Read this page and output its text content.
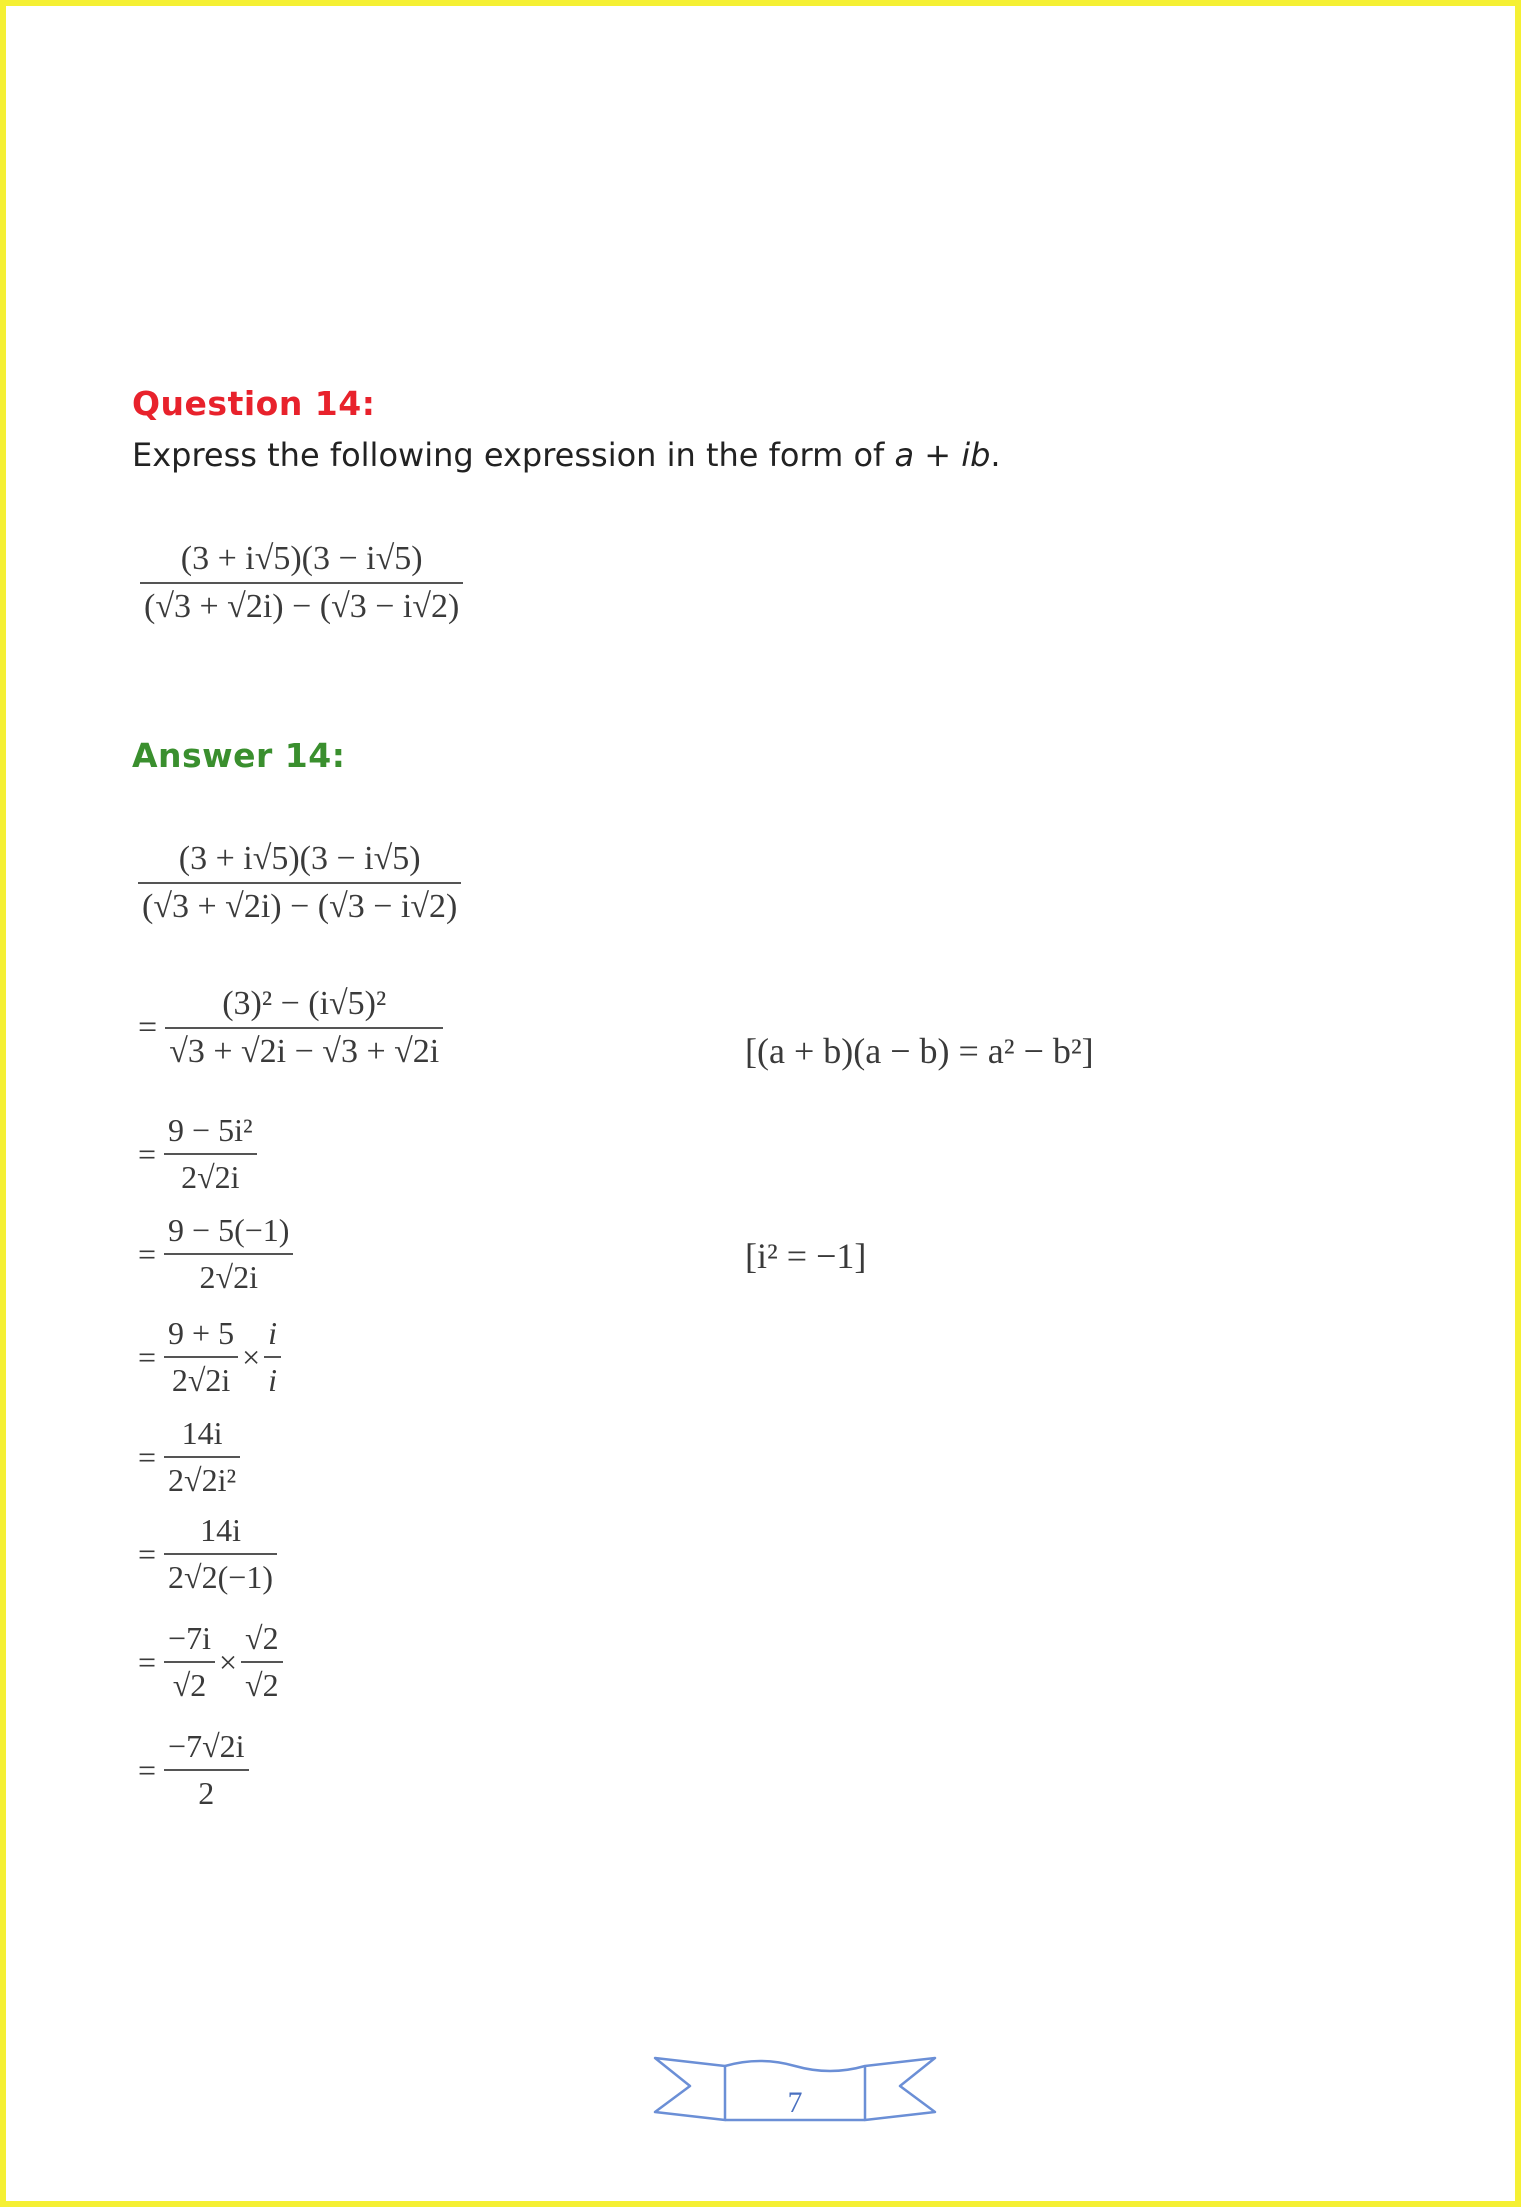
Question 14:
Express the following expression in the form of a + ib.
$\frac{(3 + i√5)(3 - i√5)}{(√3 + √2i) - (√3 - i√2)}$
Answer 14:
$\frac{(3 + i√5)(3 - i√5)}{(√3 + √2i) - (√3 - i√2)}$
= $\frac{\text{(3)² − (i√5)²}}{√3 + √2i - √3 + √2i}$
= $\frac{\text{9 − 5i²}}{2√2i}$
= $\frac{9 - 5(-1)}{2√2i}$
= $\frac{9 + 5}{2√2i} \times \frac{i}{i}$
= $\frac{14i}{\text{2√2i²}}$
= $\frac{14i}{2√2(-1)}$
= $\frac{-7i}{√2} \times \frac{√2}{√2}$
= $\frac{-7√2i}{2}$
[(a + b)(a − b) = a² − b²]
[i² = −1]
7
